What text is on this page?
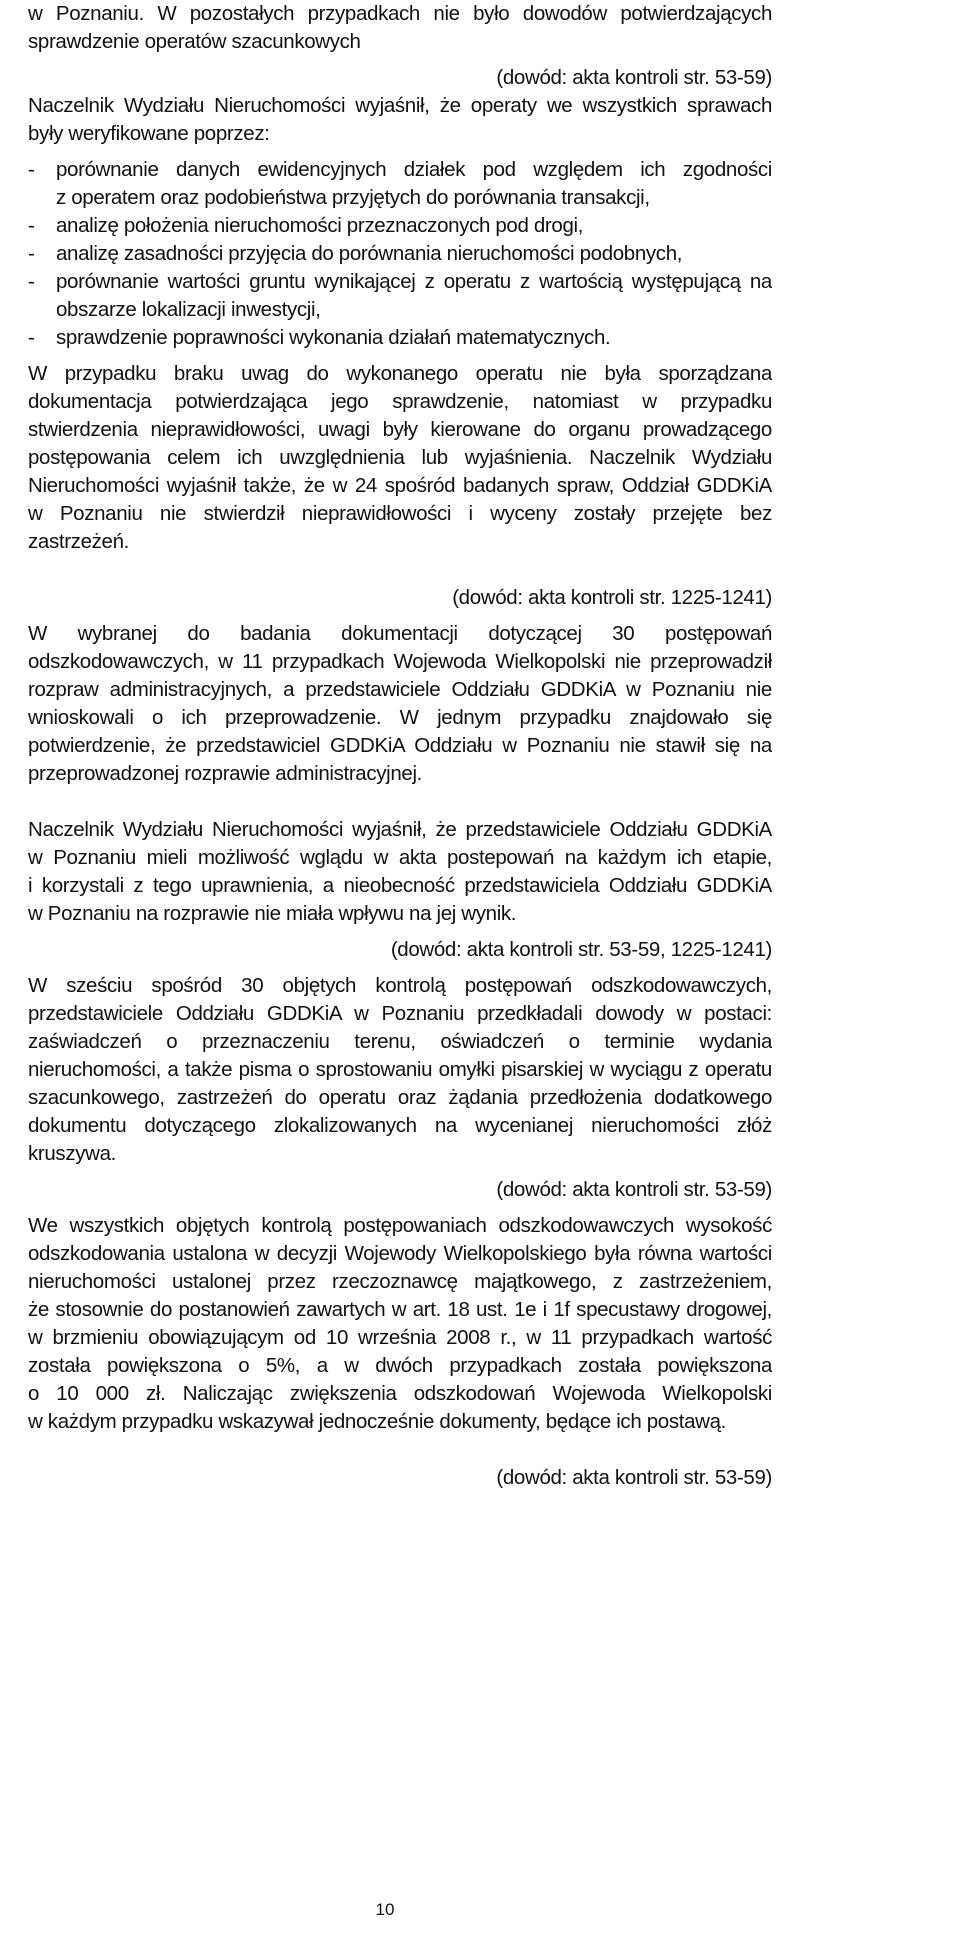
w Poznaniu. W pozostałych przypadkach nie było dowodów potwierdzających
sprawdzenie operatów szacunkowych
(dowód: akta kontroli str. 53-59)
Naczelnik Wydziału Nieruchomości wyjaśnił, że operaty we wszystkich sprawach
były weryfikowane poprzez:
-	porównanie danych ewidencyjnych działek pod względem ich zgodności
z operatem oraz podobieństwa przyjętych do porównania transakcji,
-	analizę położenia nieruchomości przeznaczonych pod drogi,
-	analizę zasadności przyjęcia do porównania nieruchomości podobnych,
-	porównanie wartości gruntu wynikającej z operatu z wartością występującą na
obszarze lokalizacji inwestycji,
-	sprawdzenie poprawności wykonania działań matematycznych.
W przypadku braku uwag do wykonanego operatu nie była sporządzana
dokumentacja potwierdzająca jego sprawdzenie, natomiast w przypadku
stwierdzenia nieprawidłowości, uwagi były kierowane do organu prowadzącego
postępowania celem ich uwzględnienia lub wyjaśnienia. Naczelnik Wydziału
Nieruchomości wyjaśnił także, że w 24 spośród badanych spraw, Oddział GDDKiA
w Poznaniu nie stwierdził nieprawidłowości i wyceny zostały przejęte bez
zastrzeżeń.
(dowód: akta kontroli str. 1225-1241)
W wybranej do badania dokumentacji dotyczącej 30 postępowań
odszkodowawczych, w 11 przypadkach Wojewoda Wielkopolski nie przeprowadził
rozpraw administracyjnych, a przedstawiciele Oddziału GDDKiA w Poznaniu nie
wnioskowali o ich przeprowadzenie. W jednym przypadku znajdowało się
potwierdzenie, że przedstawiciel GDDKiA Oddziału w Poznaniu nie stawił się na
przeprowadzonej rozprawie administracyjnej.
Naczelnik Wydziału Nieruchomości wyjaśnił, że przedstawiciele Oddziału GDDKiA
w Poznaniu mieli możliwość wglądu w akta postepowań na każdym ich etapie,
i korzystali z tego uprawnienia, a nieobecność przedstawiciela Oddziału GDDKiA
w Poznaniu na rozprawie nie miała wpływu na jej wynik.
(dowód: akta kontroli str. 53-59, 1225-1241)
W sześciu spośród 30 objętych kontrolą postępowań odszkodowawczych,
przedstawiciele Oddziału GDDKiA w Poznaniu przedkładali dowody w postaci:
zaświadczeń o przeznaczeniu terenu, oświadczeń o terminie wydania
nieruchomości, a także pisma o sprostowaniu omyłki pisarskiej w wyciągu z operatu
szacunkowego, zastrzeżeń do operatu oraz żądania przedłożenia dodatkowego
dokumentu dotyczącego zlokalizowanych na wycenianej nieruchomości złóż
kruszywa.
(dowód: akta kontroli str. 53-59)
We wszystkich objętych kontrolą postępowaniach odszkodowawczych wysokość
odszkodowania ustalona w decyzji Wojewody Wielkopolskiego była równa wartości
nieruchomości ustalonej przez rzeczoznawcę majątkowego, z zastrzeżeniem,
że stosownie do postanowień zawartych w art. 18 ust. 1e i 1f specustawy drogowej,
w brzmieniu obowiązującym od 10 września 2008 r., w 11 przypadkach wartość
została powiększona o 5%, a w dwóch przypadkach została powiększona
o 10 000 zł. Naliczając zwiększenia odszkodowań Wojewoda Wielkopolski
w każdym przypadku wskazywał jednocześnie dokumenty, będące ich postawą.
(dowód: akta kontroli str. 53-59)
10
